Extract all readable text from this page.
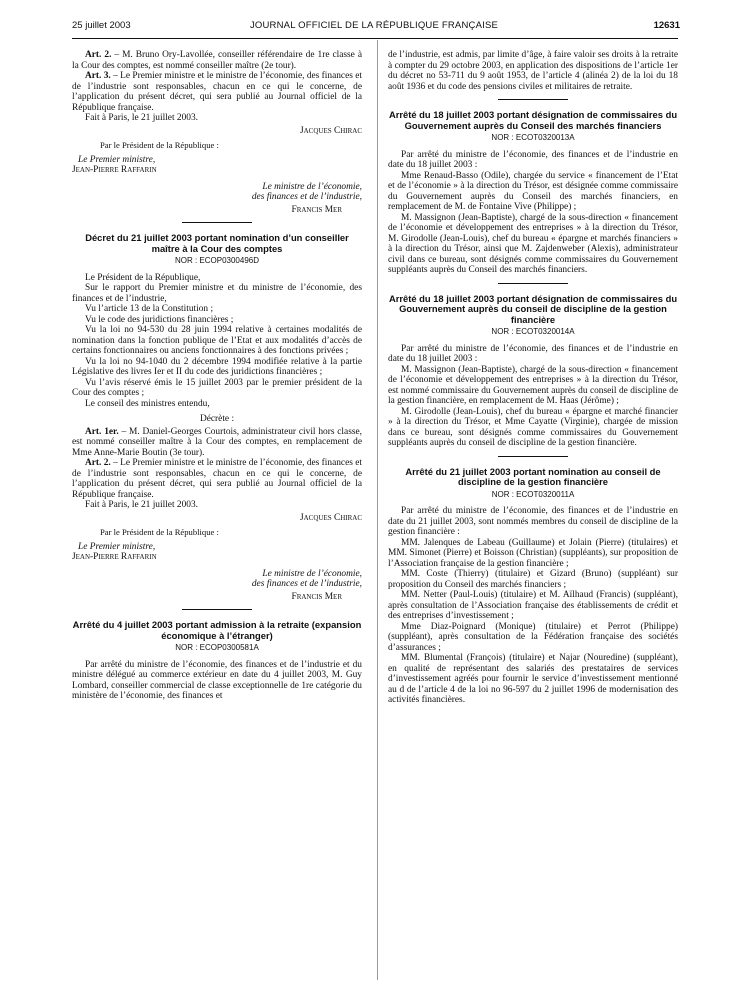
25 juillet 2003	JOURNAL OFFICIEL DE LA RÉPUBLIQUE FRANÇAISE	12631

Art. 2. – M. Bruno Ory-Lavollée, conseiller référendaire de 1re classe à la Cour des comptes, est nommé conseiller maître (2e tour).

Art. 3. – Le Premier ministre et le ministre de l’économie, des finances et de l’industrie sont responsables, chacun en ce qui le concerne, de l’application du présent décret, qui sera publié au Journal officiel de la République française.

Fait à Paris, le 21 juillet 2003.

Jacques Chirac
Par le Président de la République :
Le Premier ministre,
Jean-Pierre Raffarin
Le ministre de l’économie,
des finances et de l’industrie,
Francis Mer
Décret du 21 juillet 2003 portant nomination d’un conseiller maître à la Cour des comptes
NOR : ECOP0300496D

Le Président de la République,

Sur le rapport du Premier ministre et du ministre de l’économie, des finances et de l’industrie,

Vu l’article 13 de la Constitution ;

Vu le code des juridictions financières ;

Vu la loi no 94-530 du 28 juin 1994 relative à certaines modalités de nomination dans la fonction publique de l’Etat et aux modalités d’accès de certains fonctionnaires ou anciens fonctionnaires à des fonctions privées ;

Vu la loi no 94-1040 du 2 décembre 1994 modifiée relative à la partie Législative des livres Ier et II du code des juridictions financières ;

Vu l’avis réservé émis le 15 juillet 2003 par le premier président de la Cour des comptes ;

Le conseil des ministres entendu,

Décrète :

Art. 1er. – M. Daniel-Georges Courtois, administrateur civil hors classe, est nommé conseiller maître à la Cour des comptes, en remplacement de Mme Anne-Marie Boutin (3e tour).

Art. 2. – Le Premier ministre et le ministre de l’économie, des finances et de l’industrie sont responsables, chacun en ce qui le concerne, de l’application du présent décret, qui sera publié au Journal officiel de la République française.

Fait à Paris, le 21 juillet 2003.

Jacques Chirac
Par le Président de la République :
Le Premier ministre,
Jean-Pierre Raffarin
Le ministre de l’économie,
des finances et de l’industrie,
Francis Mer
Arrêté du 4 juillet 2003 portant admission à la retraite (expansion économique à l’étranger)
NOR : ECOP0300581A

Par arrêté du ministre de l’économie, des finances et de l’industrie et du ministre délégué au commerce extérieur en date du 4 juillet 2003, M. Guy Lombard, conseiller commercial de classe exceptionnelle de 1re catégorie du ministère de l’économie, des finances et

de l’industrie, est admis, par limite d’âge, à faire valoir ses droits à la retraite à compter du 29 octobre 2003, en application des dispositions de l’article 1er du décret no 53-711 du 9 août 1953, de l’article 4 (alinéa 2) de la loi du 18 août 1936 et du code des pensions civiles et militaires de retraite.

Arrêté du 18 juillet 2003 portant désignation de commissaires du Gouvernement auprès du Conseil des marchés financiers
NOR : ECOT0320013A

Par arrêté du ministre de l’économie, des finances et de l’industrie en date du 18 juillet 2003 :

Mme Renaud-Basso (Odile), chargée du service « financement de l’Etat et de l’économie » à la direction du Trésor, est désignée comme commissaire du Gouvernement auprès du Conseil des marchés financiers, en remplacement de M. de Fontaine Vive (Philippe) ;

M. Massignon (Jean-Baptiste), chargé de la sous-direction « financement de l’économie et développement des entreprises » à la direction du Trésor, M. Girodolle (Jean-Louis), chef du bureau « épargne et marchés financiers » à la direction du Trésor, ainsi que M. Zajdenweber (Alexis), administrateur civil dans ce bureau, sont désignés comme commissaires du Gouvernement suppléants auprès du Conseil des marchés financiers.

Arrêté du 18 juillet 2003 portant désignation de commissaires du Gouvernement auprès du conseil de discipline de la gestion financière
NOR : ECOT0320014A

Par arrêté du ministre de l’économie, des finances et de l’industrie en date du 18 juillet 2003 :

M. Massignon (Jean-Baptiste), chargé de la sous-direction « financement de l’économie et développement des entreprises » à la direction du Trésor, est nommé commissaire du Gouvernement auprès du conseil de discipline de la gestion financière, en remplacement de M. Haas (Jérôme) ;

M. Girodolle (Jean-Louis), chef du bureau « épargne et marché financier » à la direction du Trésor, et Mme Cayatte (Virginie), chargée de mission dans ce bureau, sont désignés comme commissaires du Gouvernement suppléants auprès du conseil de discipline de la gestion financière.

Arrêté du 21 juillet 2003 portant nomination au conseil de discipline de la gestion financière
NOR : ECOT0320011A

Par arrêté du ministre de l’économie, des finances et de l’industrie en date du 21 juillet 2003, sont nommés membres du conseil de discipline de la gestion financière :

MM. Jalenques de Labeau (Guillaume) et Jolain (Pierre) (titulaires) et MM. Simonet (Pierre) et Boisson (Christian) (suppléants), sur proposition de l’Association française de la gestion financière ;

MM. Coste (Thierry) (titulaire) et Gizard (Bruno) (suppléant) sur proposition du Conseil des marchés financiers ;

MM. Netter (Paul-Louis) (titulaire) et M. Aïlhaud (Francis) (suppléant), après consultation de l’Association française des établissements de crédit et des entreprises d’investissement ;

Mme Diaz-Poignard (Monique) (titulaire) et Perrot (Philippe) (suppléant), après consultation de la Fédération française des sociétés d’assurances ;

MM. Blumental (François) (titulaire) et Najar (Nouredine) (suppléant), en qualité de représentant des salariés des prestataires de services d’investissement agréés pour fournir le service d’investissement mentionné au d de l’article 4 de la loi no 96-597 du 2 juillet 1996 de modernisation des activités financières.
